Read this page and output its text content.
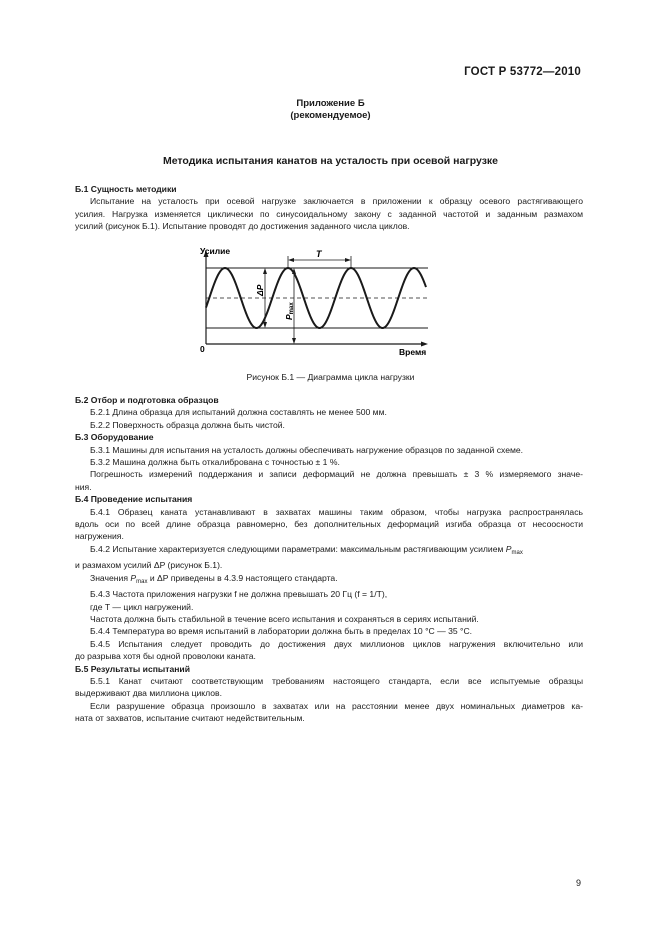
ГОСТ Р 53772—2010
Приложение Б
(рекомендуемое)
Методика испытания канатов на усталость при осевой нагрузке

Б.1 Сущность методики

Испытание на усталость при осевой нагрузке заключается в приложении к образцу осевого растягивающего

усилия. Нагрузка изменяется циклически по синусоидальному закону с заданной частотой и заданным размахом

усилий (рисунок Б.1). Испытание проводят до достижения заданного числа циклов.

Усилие
Время
0
T
ΔP
Pmax
Рисунок Б.1 — Диаграмма цикла нагрузки

Б.2 Отбор и подготовка образцов

Б.2.1 Длина образца для испытаний должна составлять не менее 500 мм.

Б.2.2 Поверхность образца должна быть чистой.

Б.3 Оборудование

Б.3.1 Машины для испытания на усталость должны обеспечивать нагружение образцов по заданной схеме.

Б.3.2 Машина должна быть откалибрована с точностью ± 1 %.

Погрешность измерений поддержания и записи деформаций не должна превышать ± 3 % измеряемого значе-

ния.

Б.4 Проведение испытания

Б.4.1 Образец каната устанавливают в захватах машины таким образом, чтобы нагрузка распространялась

вдоль оси по всей длине образца равномерно, без дополнительных деформаций изгиба образца от несоосности

нагружения.

Б.4.2 Испытание характеризуется следующими параметрами: максимальным растягивающим усилием $P_{max}$

и размахом усилий ΔP (рисунок Б.1).

Значения $P_{max}$ и ΔP приведены в 4.3.9 настоящего стандарта.

Б.4.3 Частота приложения нагрузки f не должна превышать 20 Гц (f = 1/T),

где T — цикл нагружений.

Частота должна быть стабильной в течение всего испытания и сохраняться в сериях испытаний.

Б.4.4 Температура во время испытаний в лаборатории должна быть в пределах 10 °С — 35 °С.

Б.4.5 Испытания следует проводить до достижения двух миллионов циклов нагружения включительно или

до разрыва хотя бы одной проволоки каната.

Б.5 Результаты испытаний

Б.5.1 Канат считают соответствующим требованиям настоящего стандарта, если все испытуемые образцы

выдерживают два миллиона циклов.

Если разрушение образца произошло в захватах или на расстоянии менее двух номинальных диаметров ка-

ната от захватов, испытание считают недействительным.

9
